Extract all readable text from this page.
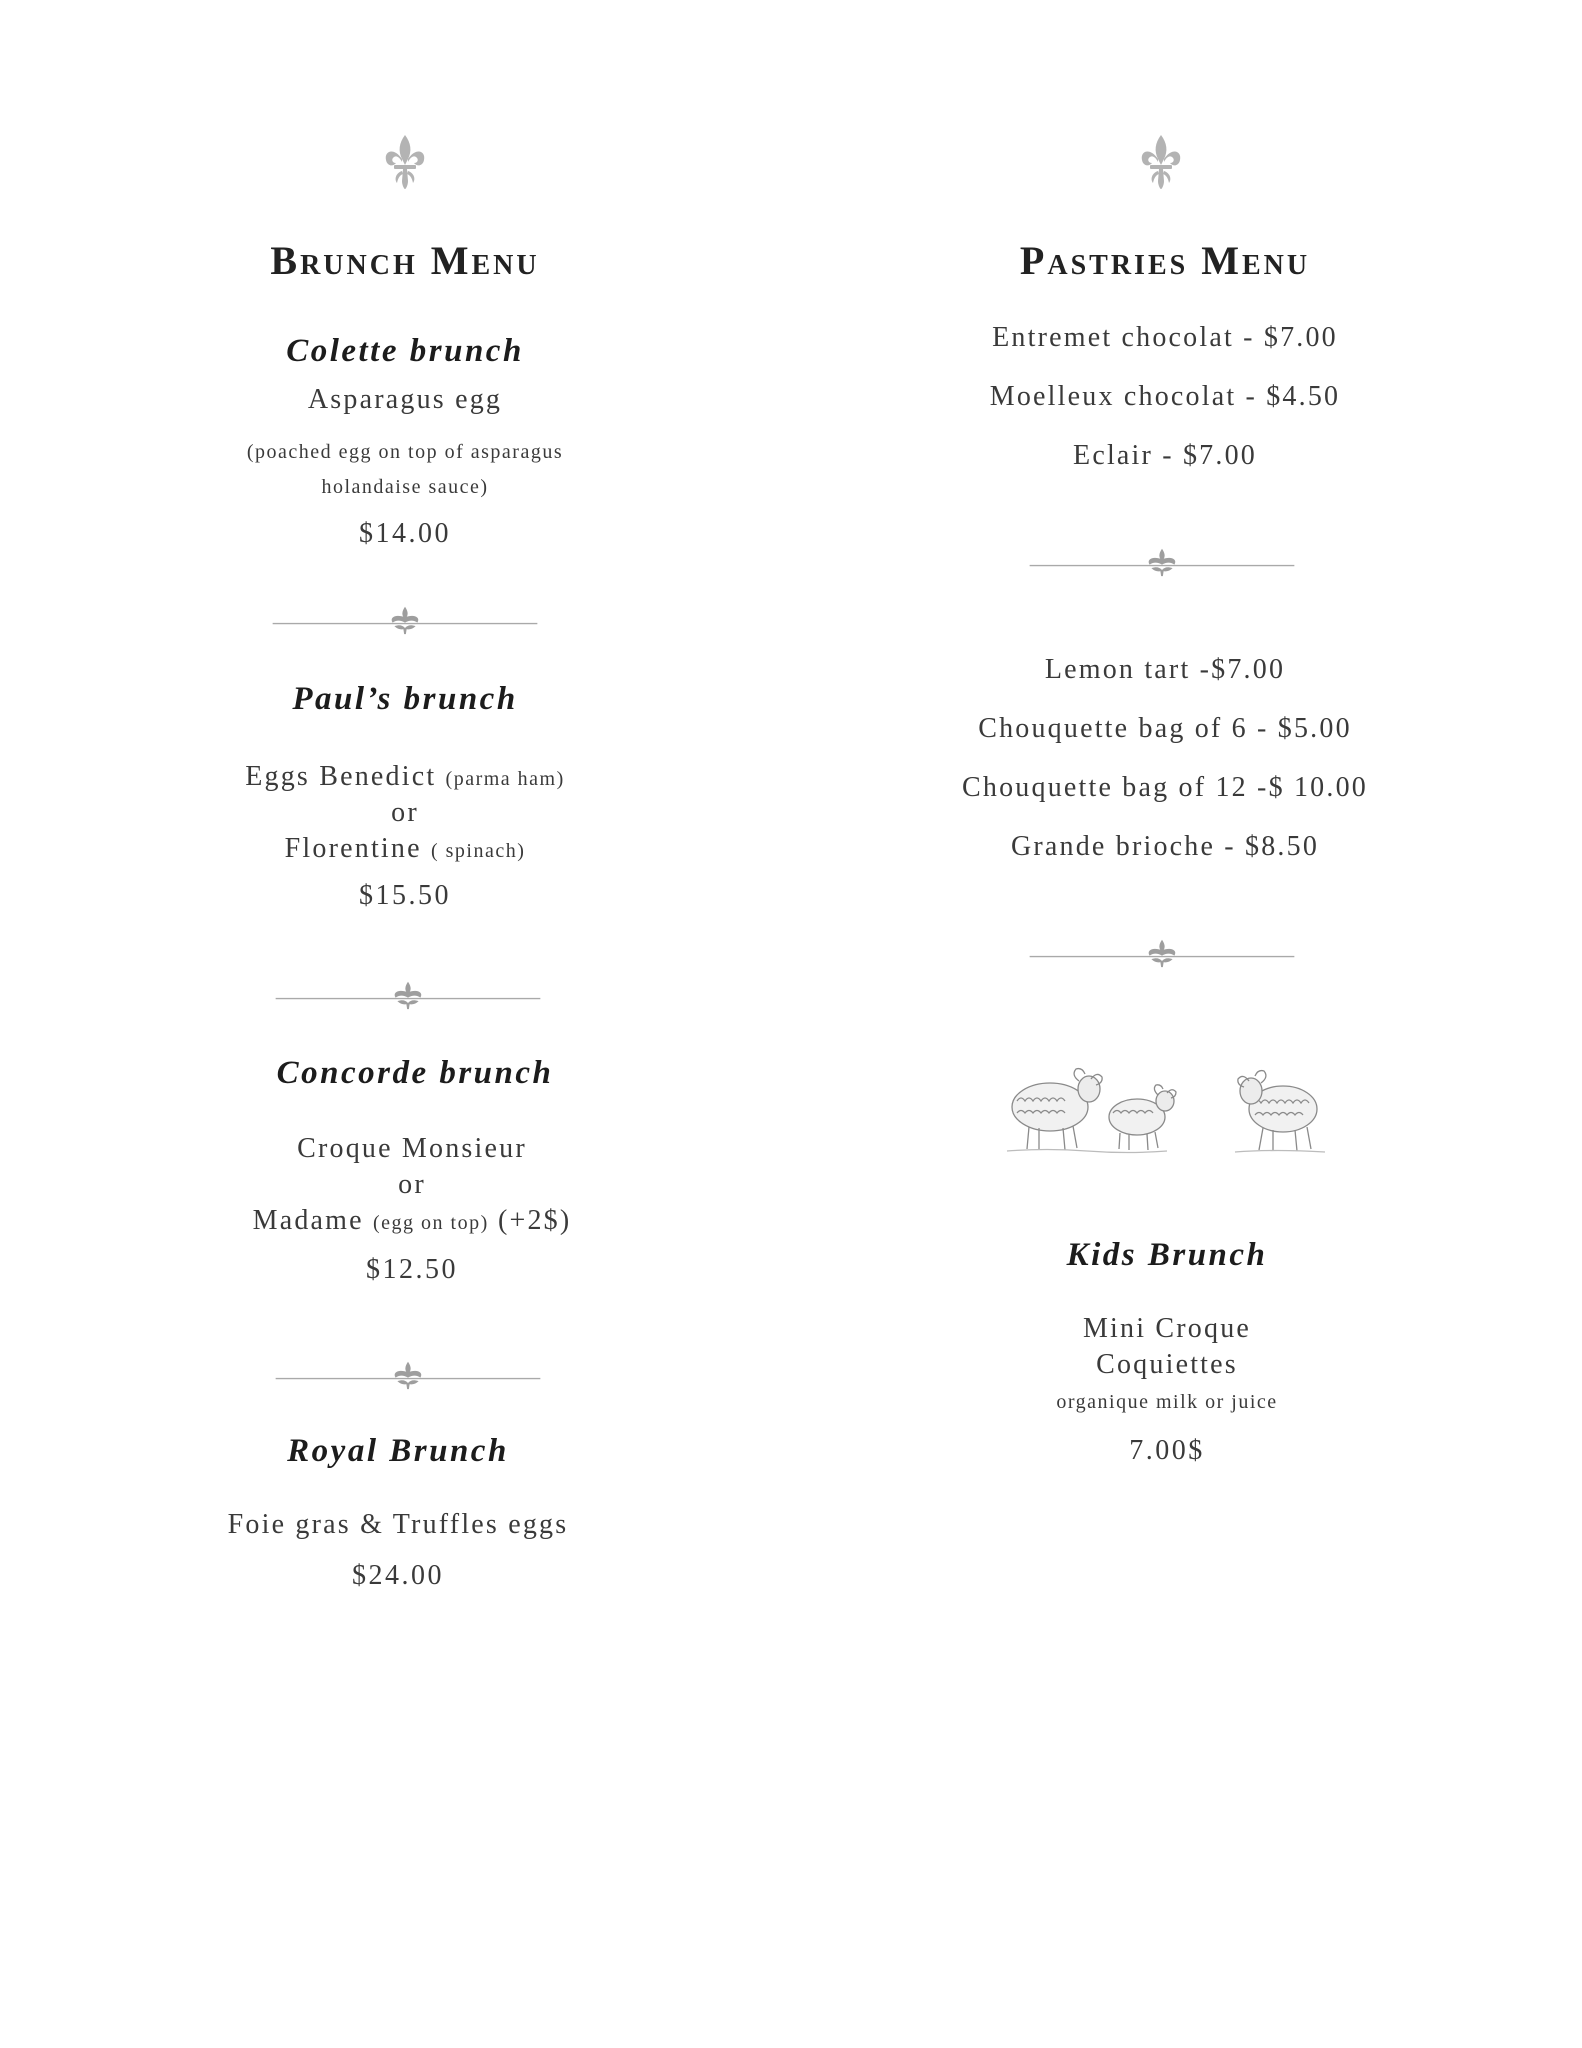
Brunch Menu
Colette brunch
Asparagus egg
(poached egg on top of asparagus
holandaise sauce)
$14.00
Paul’s brunch
Eggs Benedict (parma ham)
or
Florentine ( spinach)
$15.50
Concorde brunch
Croque Monsieur
or
Madame (egg on top) (+2$)
$12.50
Royal Brunch
Foie gras & Truffles eggs
$24.00
Pastries Menu
Entremet chocolat - $7.00
Moelleux chocolat - $4.50
Eclair - $7.00
Lemon tart -$7.00
Chouquette bag of 6 - $5.00
Chouquette bag of 12 -$ 10.00
Grande brioche - $8.50
Kids Brunch
Mini Croque
Coquiettes
organique milk or juice
7.00$
